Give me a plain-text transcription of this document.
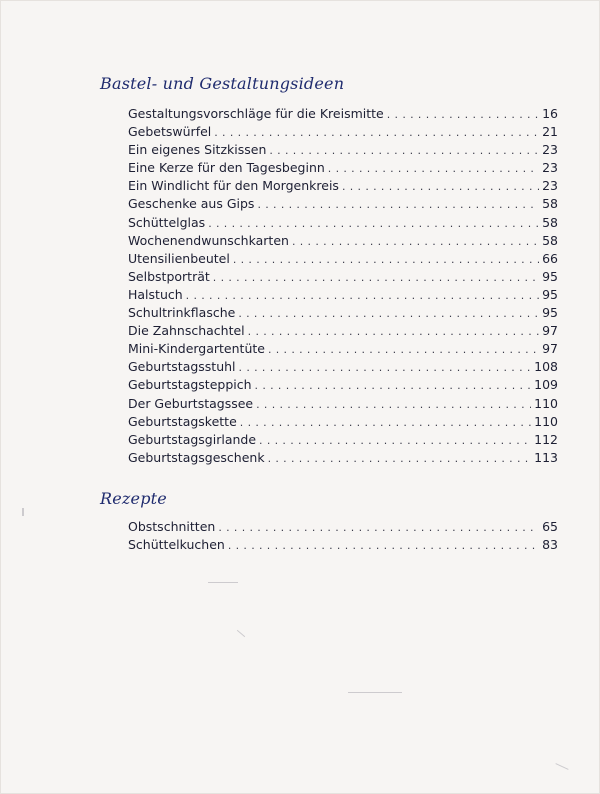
Bastel- und Gestaltungsideen
Gestaltungsvorschläge für die Kreismitte . . .	16
Gebetswürfel . . .	21
Ein eigenes Sitzkissen . . .	23
Eine Kerze für den Tagesbeginn . . .	23
Ein Windlicht für den Morgenkreis . . .	23
Geschenke aus Gips . . .	58
Schüttelglas . . .	58
Wochenendwunschkarten . . .	58
Utensilienbeutel . . .	66
Selbstporträt . . .	95
Halstuch . . .	95
Schultrinkflasche . . .	95
Die Zahnschachtel . . .	97
Mini-Kindergartentüte . . .	97
Geburtstagsstuhl . . .	108
Geburtstagsteppich . . .	109
Der Geburtstagssee . . .	110
Geburtstagskette . . .	110
Geburtstagsgirlande . . .	112
Geburtstagsgeschenk . . .	113
Rezepte
Obstschnitten . . .	65
Schüttelkuchen . . .	83
